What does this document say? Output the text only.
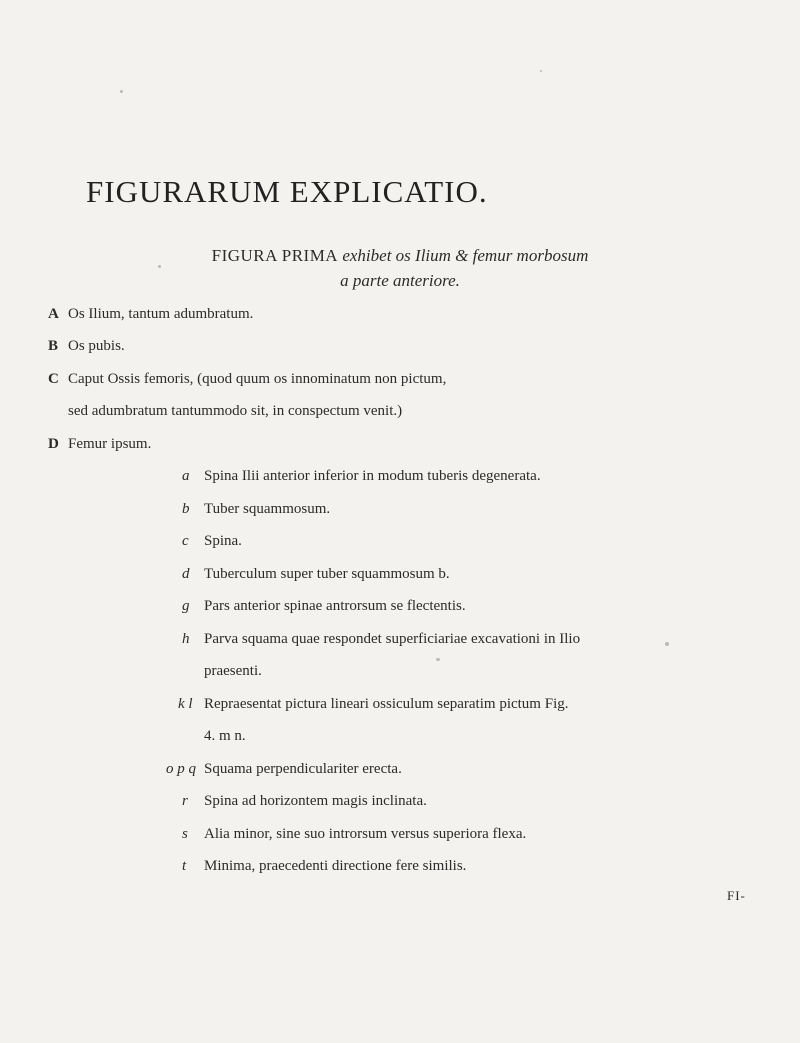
FIGURARUM EXPLICATIO.
FIGURA PRIMA exhibet os Ilium & femur morbosum
a parte anteriore.
A Os Ilium, tantum adumbratum.
B Os pubis.
C Caput Ossis femoris, (quod quum os innominatum non pictum,
sed adumbratum tantummodo sit, in conspectum venit.)
D Femur ipsum.
a Spina Ilii anterior inferior in modum tuberis degenerata.
b Tuber squammosum.
c Spina.
d Tuberculum super tuber squammosum b.
g Pars anterior spinae antrorsum se flectentis.
h Parva squama quae respondet superficiariae excavationi in Ilio
praesenti.
k l Repraesentat pictura lineari ossiculum separatim pictum Fig.
4. m n.
o p q Squama perpendiculariter erecta.
r Spina ad horizontem magis inclinata.
s Alia minor, sine suo introrsum versus superiora flexa.
t Minima, praecedenti directione fere similis.
FI-
